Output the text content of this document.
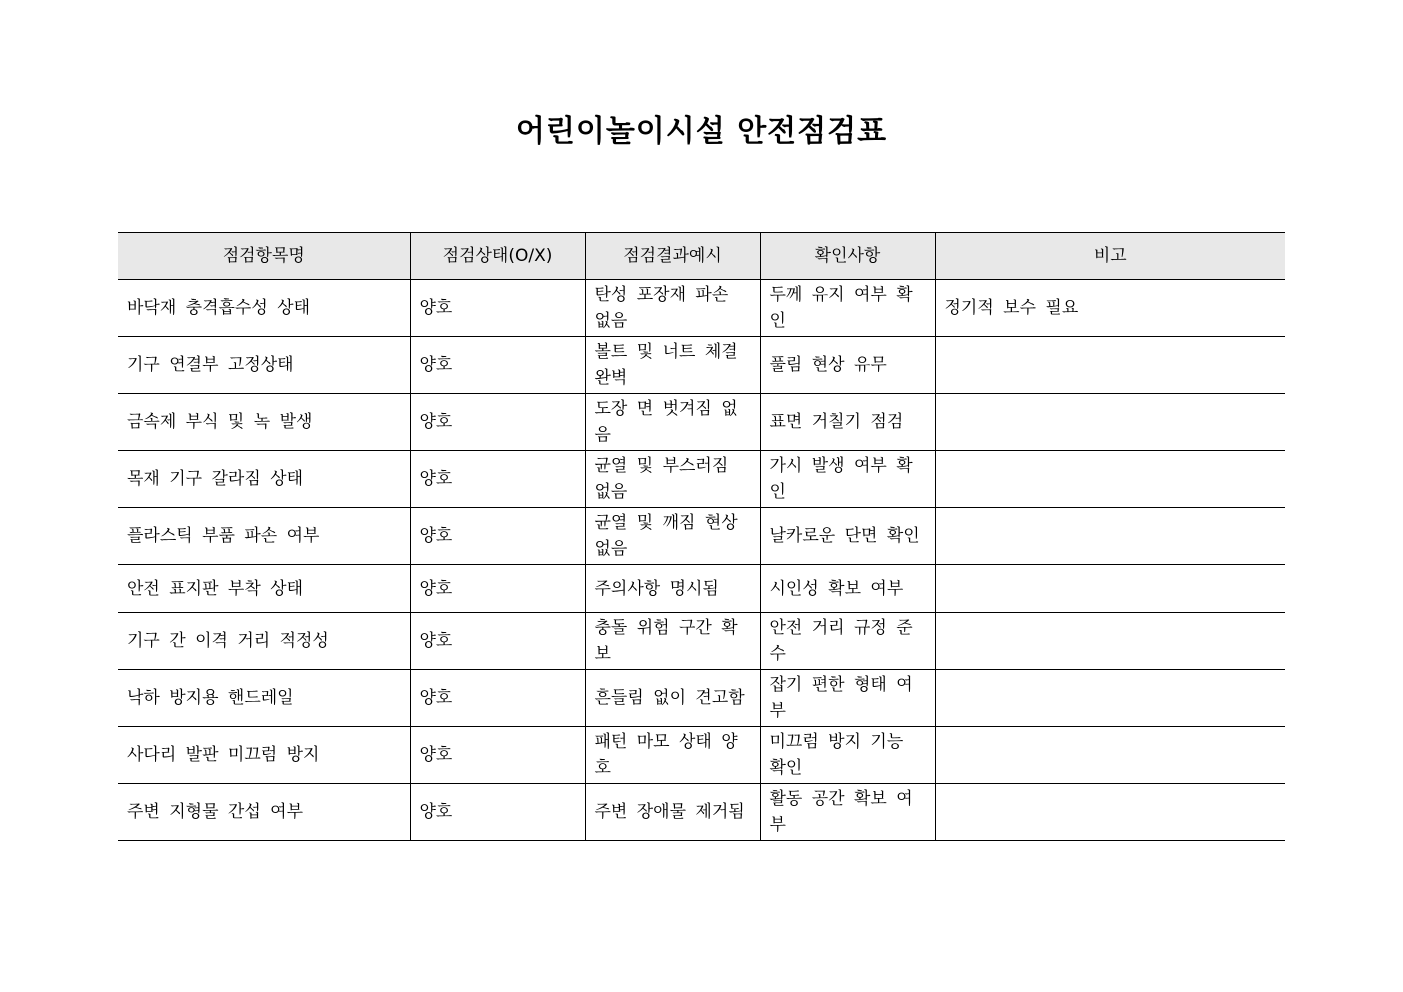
어린이놀이시설 안전점검표
점검항목명	점검상태(O/X)	점검결과예시	확인사항	비고
바닥재 충격흡수성 상태	양호	탄성 포장재 파손 없음	두께 유지 여부 확인	정기적 보수 필요
기구 연결부 고정상태	양호	볼트 및 너트 체결 완벽	풀림 현상 유무	
금속제 부식 및 녹 발생	양호	도장 면 벗겨짐 없음	표면 거칠기 점검	
목재 기구 갈라짐 상태	양호	균열 및 부스러짐 없음	가시 발생 여부 확인	
플라스틱 부품 파손 여부	양호	균열 및 깨짐 현상 없음	날카로운 단면 확인	
안전 표지판 부착 상태	양호	주의사항 명시됨	시인성 확보 여부	
기구 간 이격 거리 적정성	양호	충돌 위험 구간 확보	안전 거리 규정 준수	
낙하 방지용 핸드레일	양호	흔들림 없이 견고함	잡기 편한 형태 여부	
사다리 발판 미끄럼 방지	양호	패턴 마모 상태 양호	미끄럼 방지 기능 확인	
주변 지형물 간섭 여부	양호	주변 장애물 제거됨	활동 공간 확보 여부	
